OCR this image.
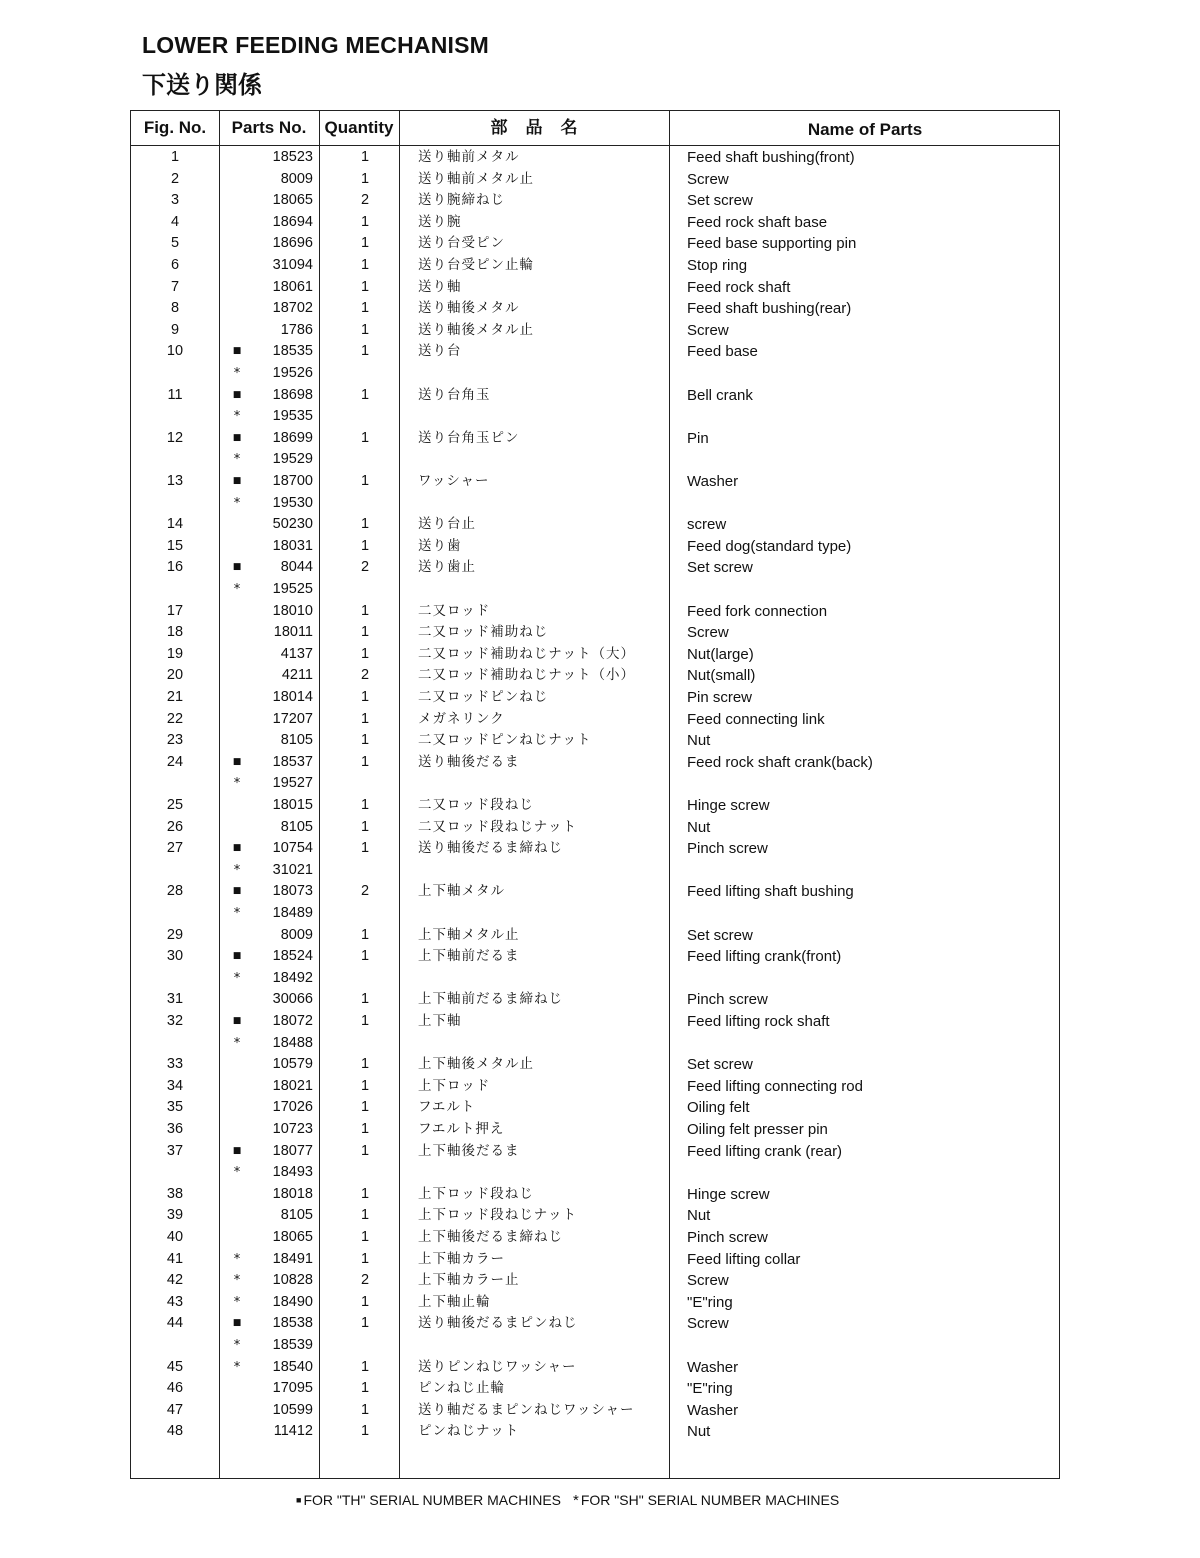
LOWER FEEDING MECHANISM
下送り関係
Fig. No.	Parts No.	Quantity	部品名	Name of Parts
1	18523	1	送り軸前メタル	Feed shaft bushing(front)
2	8009	1	送り軸前メタル止	Screw
3	18065	2	送り腕締ねじ	Set screw
4	18694	1	送り腕	Feed rock shaft base
5	18696	1	送り台受ピン	Feed base supporting pin
6	31094	1	送り台受ピン止輪	Stop ring
7	18061	1	送り軸	Feed rock shaft
8	18702	1	送り軸後メタル	Feed shaft bushing(rear)
9	1786	1	送り軸後メタル止	Screw
10	■	18535	1	送り台	Feed base
*	19526
11	■	18698	1	送り台角玉	Bell crank
*	19535
12	■	18699	1	送り台角玉ピン	Pin
*	19529
13	■	18700	1	ワッシャー	Washer
*	19530
14	50230	1	送り台止	screw
15	18031	1	送り歯	Feed dog(standard type)
16	■	8044	2	送り歯止	Set screw
*	19525
17	18010	1	二又ロッド	Feed fork connection
18	18011	1	二又ロッド補助ねじ	Screw
19	4137	1	二又ロッド補助ねじナット（大）	Nut(large)
20	4211	2	二又ロッド補助ねじナット（小）	Nut(small)
21	18014	1	二又ロッドピンねじ	Pin screw
22	17207	1	メガネリンク	Feed connecting link
23	8105	1	二又ロッドピンねじナット	Nut
24	■	18537	1	送り軸後だるま	Feed rock shaft crank(back)
*	19527
25	18015	1	二又ロッド段ねじ	Hinge screw
26	8105	1	二又ロッド段ねじナット	Nut
27	■	10754	1	送り軸後だるま締ねじ	Pinch screw
*	31021
28	■	18073	2	上下軸メタル	Feed lifting shaft bushing
*	18489
29	8009	1	上下軸メタル止	Set screw
30	■	18524	1	上下軸前だるま	Feed lifting crank(front)
*	18492
31	30066	1	上下軸前だるま締ねじ	Pinch screw
32	■	18072	1	上下軸	Feed lifting rock shaft
*	18488
33	10579	1	上下軸後メタル止	Set screw
34	18021	1	上下ロッド	Feed lifting connecting rod
35	17026	1	フエルト	Oiling felt
36	10723	1	フエルト押え	Oiling felt presser pin
37	■	18077	1	上下軸後だるま	Feed lifting crank (rear)
*	18493
38	18018	1	上下ロッド段ねじ	Hinge screw
39	8105	1	上下ロッド段ねじナット	Nut
40	18065	1	上下軸後だるま締ねじ	Pinch screw
41	*	18491	1	上下軸カラー	Feed lifting collar
42	*	10828	2	上下軸カラー止	Screw
43	*	18490	1	上下軸止輪	"E"ring
44	■	18538	1	送り軸後だるまピンねじ	Screw
*	18539
45	*	18540	1	送りピンねじワッシャー	Washer
46	17095	1	ピンねじ止輪	"E"ring
47	10599	1	送り軸だるまピンねじワッシャー	Washer
48	11412	1	ピンねじナット	Nut
■ FOR "TH" SERIAL NUMBER MACHINES * FOR "SH" SERIAL NUMBER MACHINES
